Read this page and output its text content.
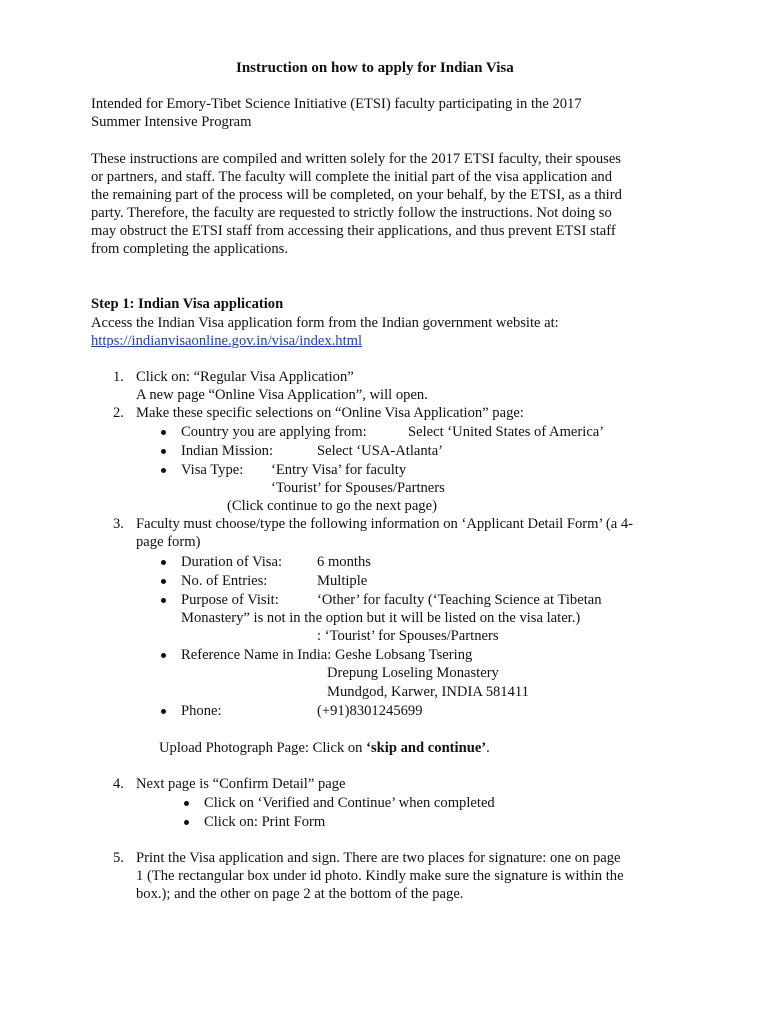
Instruction on how to apply for Indian Visa
Intended for Emory-Tibet Science Initiative (ETSI) faculty participating in the 2017
Summer Intensive Program
These instructions are compiled and written solely for the 2017 ETSI faculty, their spouses
or partners, and staff. The faculty will complete the initial part of the visa application and
the remaining part of the process will be completed, on your behalf, by the ETSI, as a third
party. Therefore, the faculty are requested to strictly follow the instructions. Not doing so
may obstruct the ETSI staff from accessing their applications, and thus prevent ETSI staff
from completing the applications.
Step 1: Indian Visa application
Access the Indian Visa application form from the Indian government website at:
https://indianvisaonline.gov.in/visa/index.html
1. Click on: “Regular Visa Application”
A new page “Online Visa Application”, will open.
2. Make these specific selections on “Online Visa Application” page:
Country you are applying from:	Select ‘United States of America’
Indian Mission:	Select ‘USA-Atlanta’
Visa Type: ‘Entry Visa’ for faculty
‘Tourist’ for Spouses/Partners
(Click continue to go the next page)
3. Faculty must choose/type the following information on ‘Applicant Detail Form’ (a 4-
page form)
Duration of Visa: 6 months
No. of Entries:	Multiple
Purpose of Visit:	‘Other’ for faculty (‘Teaching Science at Tibetan
Monastery” is not in the option but it will be listed on the visa later.)
: ‘Tourist’ for Spouses/Partners
Reference Name in India: Geshe Lobsang Tsering
Drepung Loseling Monastery
Mundgod, Karwer, INDIA 581411
Phone:	(+91)8301245699
Upload Photograph Page: Click on ‘skip and continue’.
4. Next page is “Confirm Detail” page
Click on ‘Verified and Continue’ when completed
Click on: Print Form
5. Print the Visa application and sign. There are two places for signature: one on page
1 (The rectangular box under id photo. Kindly make sure the signature is within the
box.); and the other on page 2 at the bottom of the page.
